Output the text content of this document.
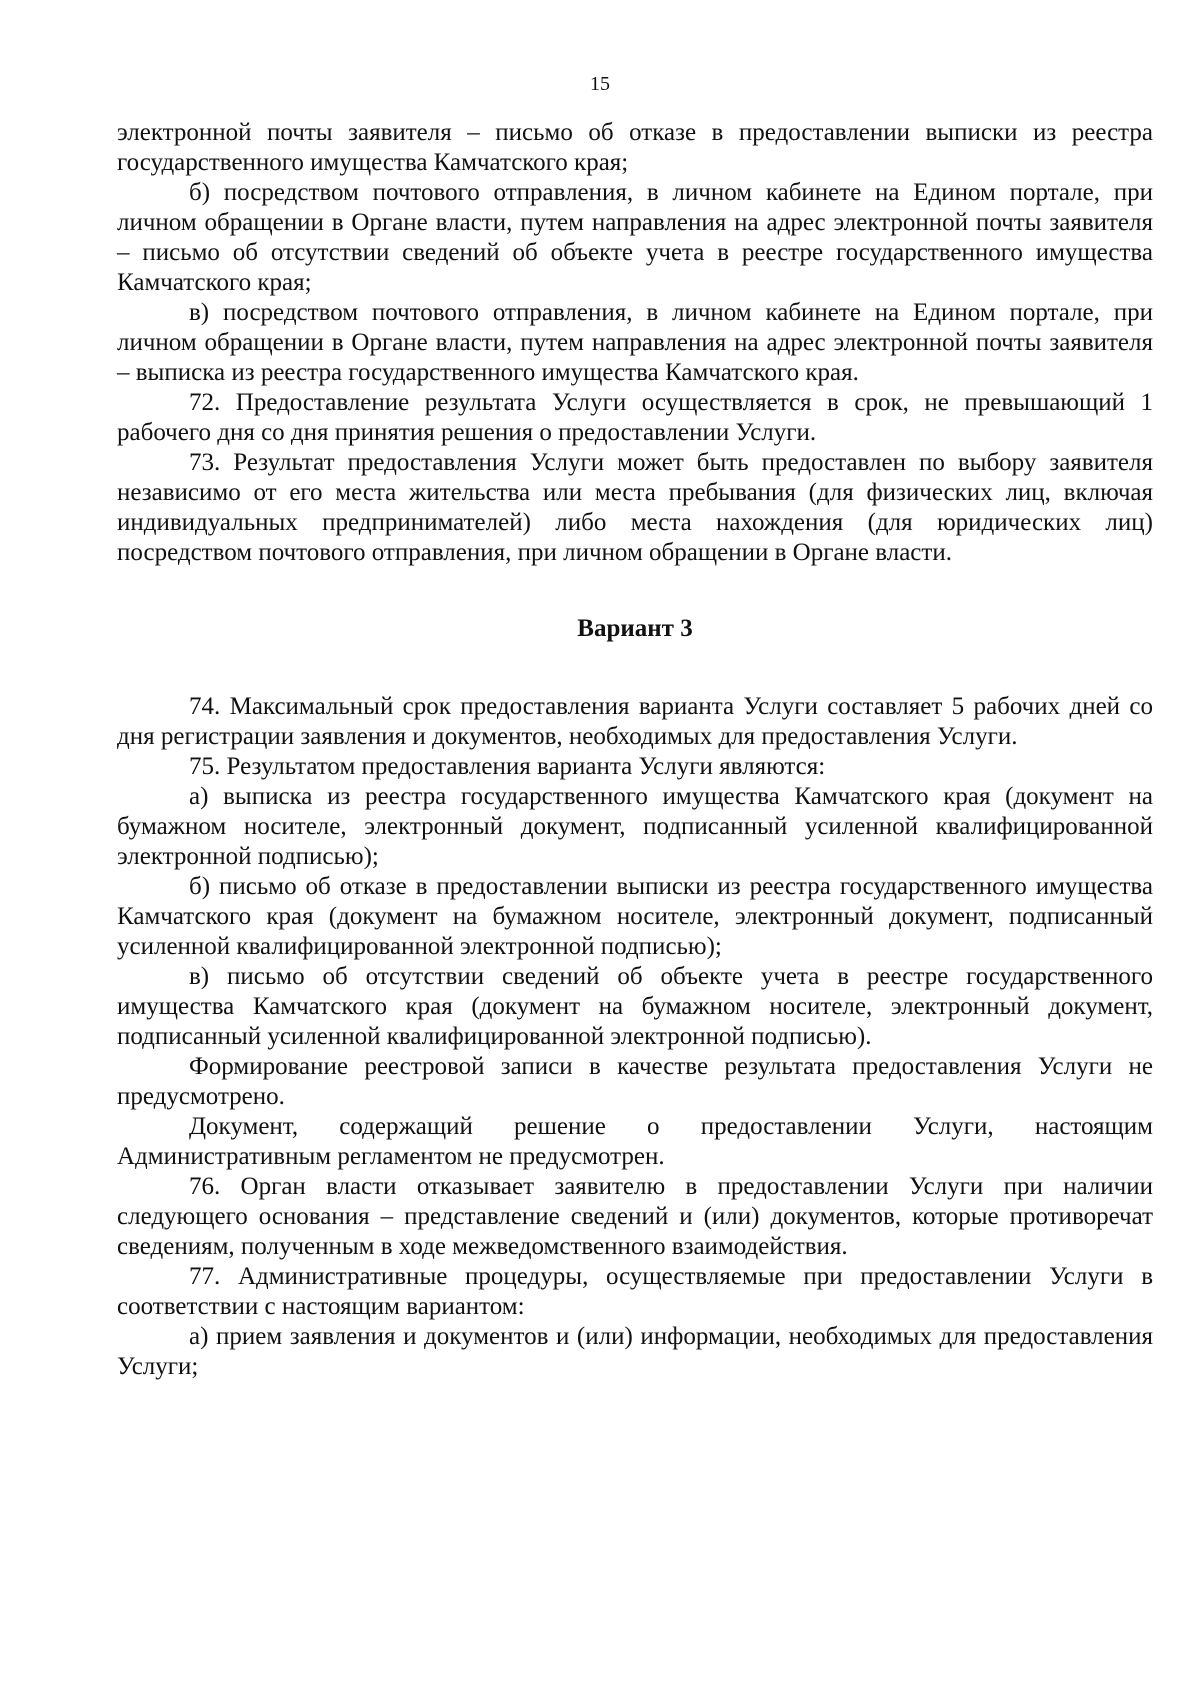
15

электронной почты заявителя – письмо об отказе в предоставлении выписки из реестра государственного имущества Камчатского края;

б) посредством почтового отправления, в личном кабинете на Едином портале, при личном обращении в Органе власти, путем направления на адрес электронной почты заявителя – письмо об отсутствии сведений об объекте учета в реестре государственного имущества Камчатского края;

в) посредством почтового отправления, в личном кабинете на Едином портале, при личном обращении в Органе власти, путем направления на адрес электронной почты заявителя – выписка из реестра государственного имущества Камчатского края.

72. Предоставление результата Услуги осуществляется в срок, не превышающий 1 рабочего дня со дня принятия решения о предоставлении Услуги.

73. Результат предоставления Услуги может быть предоставлен по выбору заявителя независимо от его места жительства или места пребывания (для физических лиц, включая индивидуальных предпринимателей) либо места нахождения (для юридических лиц) посредством почтового отправления, при личном обращении в Органе власти.

Вариант 3

74. Максимальный срок предоставления варианта Услуги составляет 5 рабочих дней со дня регистрации заявления и документов, необходимых для предоставления Услуги.

75. Результатом предоставления варианта Услуги являются:

а) выписка из реестра государственного имущества Камчатского края (документ на бумажном носителе, электронный документ, подписанный усиленной квалифицированной электронной подписью);

б) письмо об отказе в предоставлении выписки из реестра государственного имущества Камчатского края (документ на бумажном носителе, электронный документ, подписанный усиленной квалифицированной электронной подписью);

в) письмо об отсутствии сведений об объекте учета в реестре государственного имущества Камчатского края (документ на бумажном носителе, электронный документ, подписанный усиленной квалифицированной электронной подписью).

Формирование реестровой записи в качестве результата предоставления Услуги не предусмотрено.

Документ, содержащий решение о предоставлении Услуги, настоящим Административным регламентом не предусмотрен.

76. Орган власти отказывает заявителю в предоставлении Услуги при наличии следующего основания – представление сведений и (или) документов, которые противоречат сведениям, полученным в ходе межведомственного взаимодействия.

77. Административные процедуры, осуществляемые при предоставлении Услуги в соответствии с настоящим вариантом:

а) прием заявления и документов и (или) информации, необходимых для предоставления Услуги;
